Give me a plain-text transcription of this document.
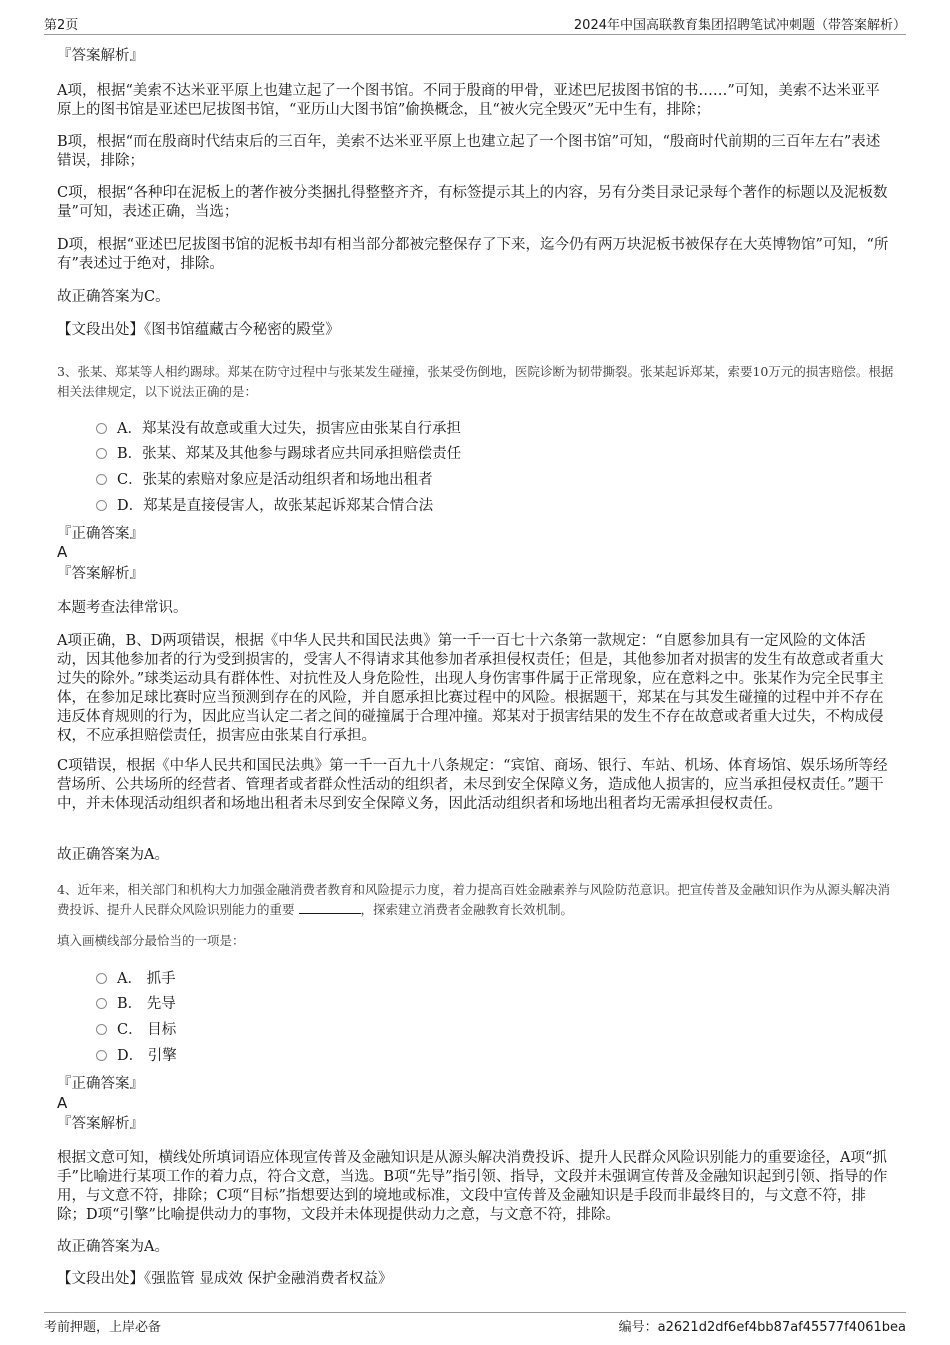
第2页	2024年中国高联教育集团招聘笔试冲刺题（带答案解析）
『答案解析』

A项，根据“美索不达米亚平原上也建立起了一个图书馆。不同于殷商的甲骨，亚述巴尼拔图书馆的书……”可知，美索不达米亚平原上的图书馆是亚述巴尼拔图书馆，“亚历山大图书馆”偷换概念，且“被火完全毁灭”无中生有，排除；

B项，根据“而在殷商时代结束后的三百年，美索不达米亚平原上也建立起了一个图书馆”可知，“殷商时代前期的三百年左右”表述错误，排除；

C项，根据“各种印在泥板上的著作被分类捆扎得整整齐齐，有标签提示其上的内容，另有分类目录记录每个著作的标题以及泥板数量”可知，表述正确，当选；

D项，根据“亚述巴尼拔图书馆的泥板书却有相当部分都被完整保存了下来，迄今仍有两万块泥板书被保存在大英博物馆”可知，“所有”表述过于绝对，排除。

故正确答案为C。

【文段出处】《图书馆蕴藏古今秘密的殿堂》

3、张某、郑某等人相约踢球。郑某在防守过程中与张某发生碰撞，张某受伤倒地，医院诊断为韧带撕裂。张某起诉郑某，索要10万元的损害赔偿。根据相关法律规定，以下说法正确的是：

A．郑某没有故意或重大过失，损害应由张某自行承担
B．张某、郑某及其他参与踢球者应共同承担赔偿责任
C．张某的索赔对象应是活动组织者和场地出租者
D．郑某是直接侵害人，故张某起诉郑某合情合法
『正确答案』
A
『答案解析』

本题考查法律常识。

A项正确，B、D两项错误，根据《中华人民共和国民法典》第一千一百七十六条第一款规定：“自愿参加具有一定风险的文体活动，因其他参加者的行为受到损害的，受害人不得请求其他参加者承担侵权责任；但是，其他参加者对损害的发生有故意或者重大过失的除外。”球类运动具有群体性、对抗性及人身危险性，出现人身伤害事件属于正常现象，应在意料之中。张某作为完全民事主体，在参加足球比赛时应当预测到存在的风险，并自愿承担比赛过程中的风险。根据题干，郑某在与其发生碰撞的过程中并不存在违反体育规则的行为，因此应当认定二者之间的碰撞属于合理冲撞。郑某对于损害结果的发生不存在故意或者重大过失，不构成侵权，不应承担赔偿责任，损害应由张某自行承担。

C项错误，根据《中华人民共和国民法典》第一千一百九十八条规定：“宾馆、商场、银行、车站、机场、体育场馆、娱乐场所等经营场所、公共场所的经营者、管理者或者群众性活动的组织者，未尽到安全保障义务，造成他人损害的，应当承担侵权责任。”题干中，并未体现活动组织者和场地出租者未尽到安全保障义务，因此活动组织者和场地出租者均无需承担侵权责任。

故正确答案为A。

4、近年来，相关部门和机构大力加强金融消费者教育和风险提示力度，着力提高百姓金融素养与风险防范意识。把宣传普及金融知识作为从源头解决消费投诉、提升人民群众风险识别能力的重要	，探索建立消费者金融教育长效机制。

填入画横线部分最恰当的一项是：

A． 抓手
B． 先导
C． 目标
D． 引擎
『正确答案』
A
『答案解析』

根据文意可知，横线处所填词语应体现宣传普及金融知识是从源头解决消费投诉、提升人民群众风险识别能力的重要途径，A项“抓手”比喻进行某项工作的着力点，符合文意，当选。B项“先导”指引领、指导，文段并未强调宣传普及金融知识起到引领、指导的作用，与文意不符，排除；C项“目标”指想要达到的境地或标准，文段中宣传普及金融知识是手段而非最终目的，与文意不符，排除；D项“引擎”比喻提供动力的事物，文段并未体现提供动力之意，与文意不符，排除。

故正确答案为A。

【文段出处】《强监管 显成效 保护金融消费者权益》

考前押题，上岸必备	编号：a2621d2df6ef4bb87af45577f4061bea
